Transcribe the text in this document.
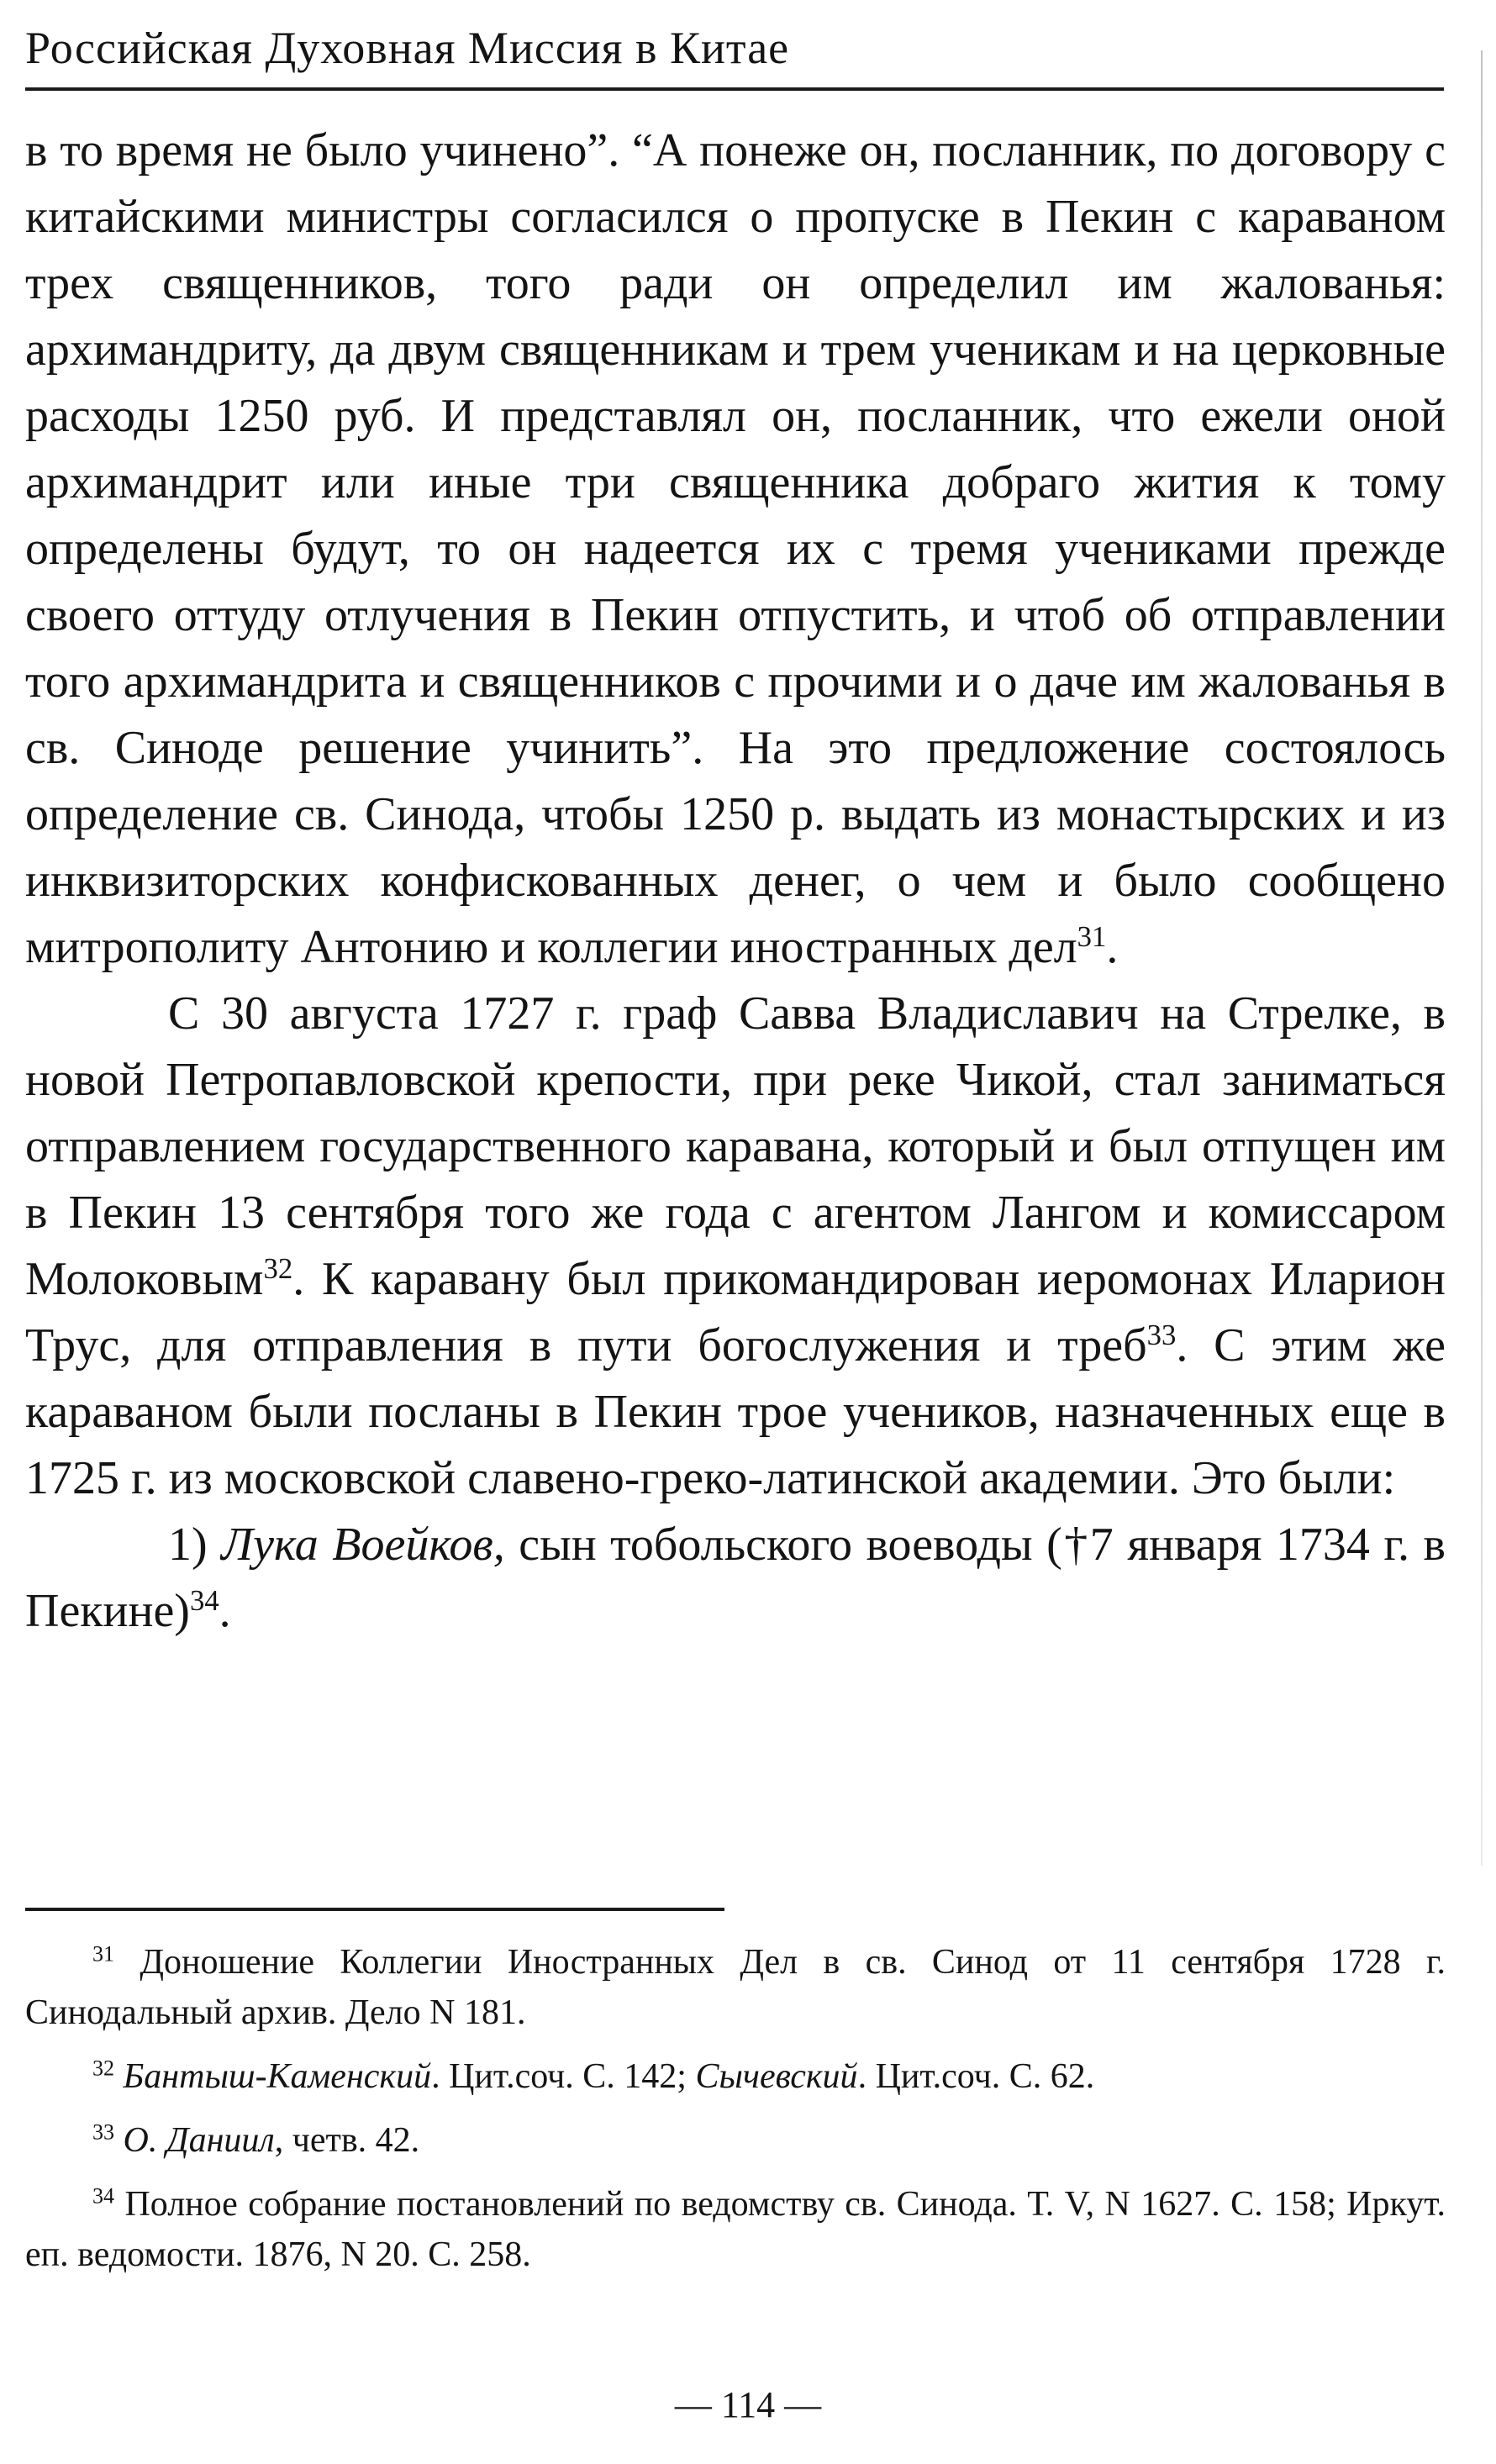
Российская Духовная Миссия в Китае

в то время не было учинено”. “А понеже он, посланник, по договору с китайскими министры согласился о пропуске в Пекин с караваном трех священников, того ради он определил им жалованья: архимандриту, да двум священникам и трем ученикам и на церковные расходы 1250 руб. И представлял он, посланник, что ежели оной архимандрит или иные три священника добраго жития к тому определены будут, то он надеется их с тремя учениками прежде своего оттуду отлучения в Пекин отпустить, и чтоб об отправлении того архимандрита и священников с прочими и о даче им жалованья в св. Синоде решение учинить”. На это предложение состоялось определение св. Синода, чтобы 1250 р. выдать из монастырских и из инквизиторских конфискованных денег, о чем и было сообщено митрополиту Антонию и коллегии иностранных дел$^{31}$.

С 30 августа 1727 г. граф Савва Владиславич на Стрелке, в новой Петропавловской крепости, при реке Чикой, стал заниматься отправлением государственного каравана, который и был отпущен им в Пекин 13 сентября того же года с агентом Лангом и комиссаром Молоковым$^{32}$. К каравану был прикомандирован иеромонах Иларион Трус, для отправления в пути богослужения и треб$^{33}$. С этим же караваном были посланы в Пекин трое учеников, назначенных еще в 1725 г. из московской славено-греко-латинской академии. Это были:

1) Лука Воейков, сын тобольского воеводы (†7 января 1734 г. в Пекине)$^{34}$.

$^{31}$ Доношение Коллегии Иностранных Дел в св. Синод от 11 сентября 1728 г. Синодальный архив. Дело N 181.

$^{32}$ Бантыш-Каменский. Цит.соч. С. 142; Сычевский. Цит.соч. С. 62.

$^{33}$ О. Даниил, четв. 42.

$^{34}$ Полное собрание постановлений по ведомству св. Синода. Т. V, N 1627. С. 158; Иркут. еп. ведомости. 1876, N 20. С. 258.

— 114 —
